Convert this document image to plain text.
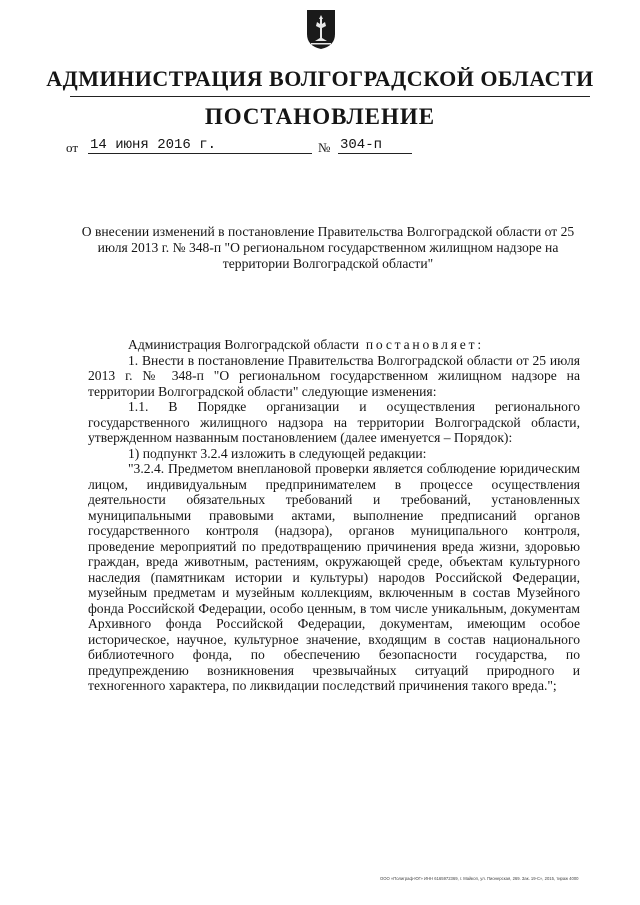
АДМИНИСТРАЦИЯ ВОЛГОГРАДСКОЙ ОБЛАСТИ
ПОСТАНОВЛЕНИЕ
от 14 июня 2016 г.	№ 304-п
О внесении изменений в постановление Правительства Волгоградской области от 25 июля 2013 г. № 348-п "О региональном государственном жилищном надзоре на территории Волгоградской области"

Администрация Волгоградской области постановляет:

1. Внести в постановление Правительства Волгоградской области от 25 июля 2013 г. № 348-п "О региональном государственном жилищном надзоре на территории Волгоградской области" следующие изменения:

1.1. В Порядке организации и осуществления регионального государственного жилищного надзора на территории Волгоградской области, утвержденном названным постановлением (далее именуется – Порядок):

1) подпункт 3.2.4 изложить в следующей редакции:

"3.2.4. Предметом внеплановой проверки является соблюдение юридическим лицом, индивидуальным предпринимателем в процессе осуществления деятельности обязательных требований и требований, установленных муниципальными правовыми актами, выполнение предписаний органов государственного контроля (надзора), органов муниципального контроля, проведение мероприятий по предотвращению причинения вреда жизни, здоровью граждан, вреда животным, растениям, окружающей среде, объектам культурного наследия (памятникам истории и культуры) народов Российской Федерации, музейным предметам и музейным коллекциям, включенным в состав Музейного фонда Российской Федерации, особо ценным, в том числе уникальным, документам Архивного фонда Российской Федерации, документам, имеющим особое историческое, научное, культурное значение, входящим в состав национального библиотечного фонда, по обеспечению безопасности государства, по предупреждению возникновения чрезвычайных ситуаций природного и техногенного характера, по ликвидации последствий причинения такого вреда.";

ООО «Полиграф-ЮГ» ИНН 6165972369, г. Майкоп, ул. Пионерская, 269. Зак. 19-С», 2015, тираж 4000
